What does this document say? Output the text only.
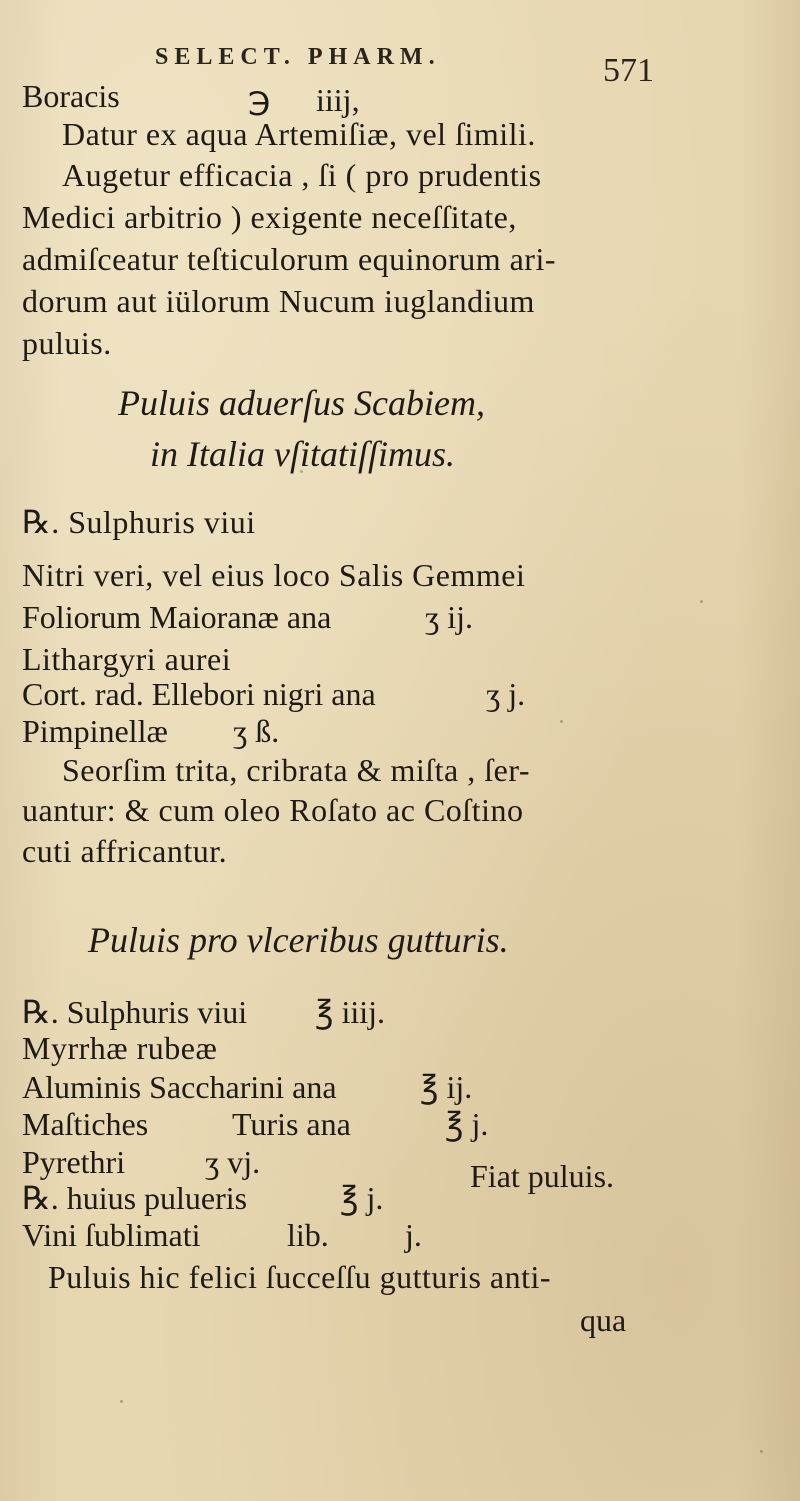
SELECT. PHARM.	571
Boracis	℈ iiij,
Datur ex aqua Artemiſiæ, vel ſimili.
Augetur efficacia , ſi ( pro prudentis
Medici arbitrio ) exigente neceſſitate,
admiſceatur teſticulorum equinorum ari-
dorum aut iülorum Nucum iuglandium
puluis.
Puluis aduerſus Scabiem,
in Italia vſitatiſſimus.
℞. Sulphuris viui
Nitri veri, vel eius loco Salis Gemmei
Foliorum Maioranæ ana	ʒ ij.
Lithargyri aurei
Cort. rad. Ellebori nigri ana	ʒ j.
Pimpinellæ ʒ ß.
Seorſim trita, cribrata & miſta , ſer-
uantur: & cum oleo Roſato ac Coſtino
cuti affricantur.
Puluis pro vlceribus gutturis.
℞. Sulphuris viui ℥ iiij.
Myrrhæ rubeæ
Aluminis Saccharini ana	℥ ij.
Maſtiches	Turis ana	℥ j.
Pyrethri ʒ vj.	Fiat puluis.
℞. huius pulueris	℥ j.
Vini ſublimati	lib. j.
Puluis hic felici ſucceſſu gutturis anti-
qua
